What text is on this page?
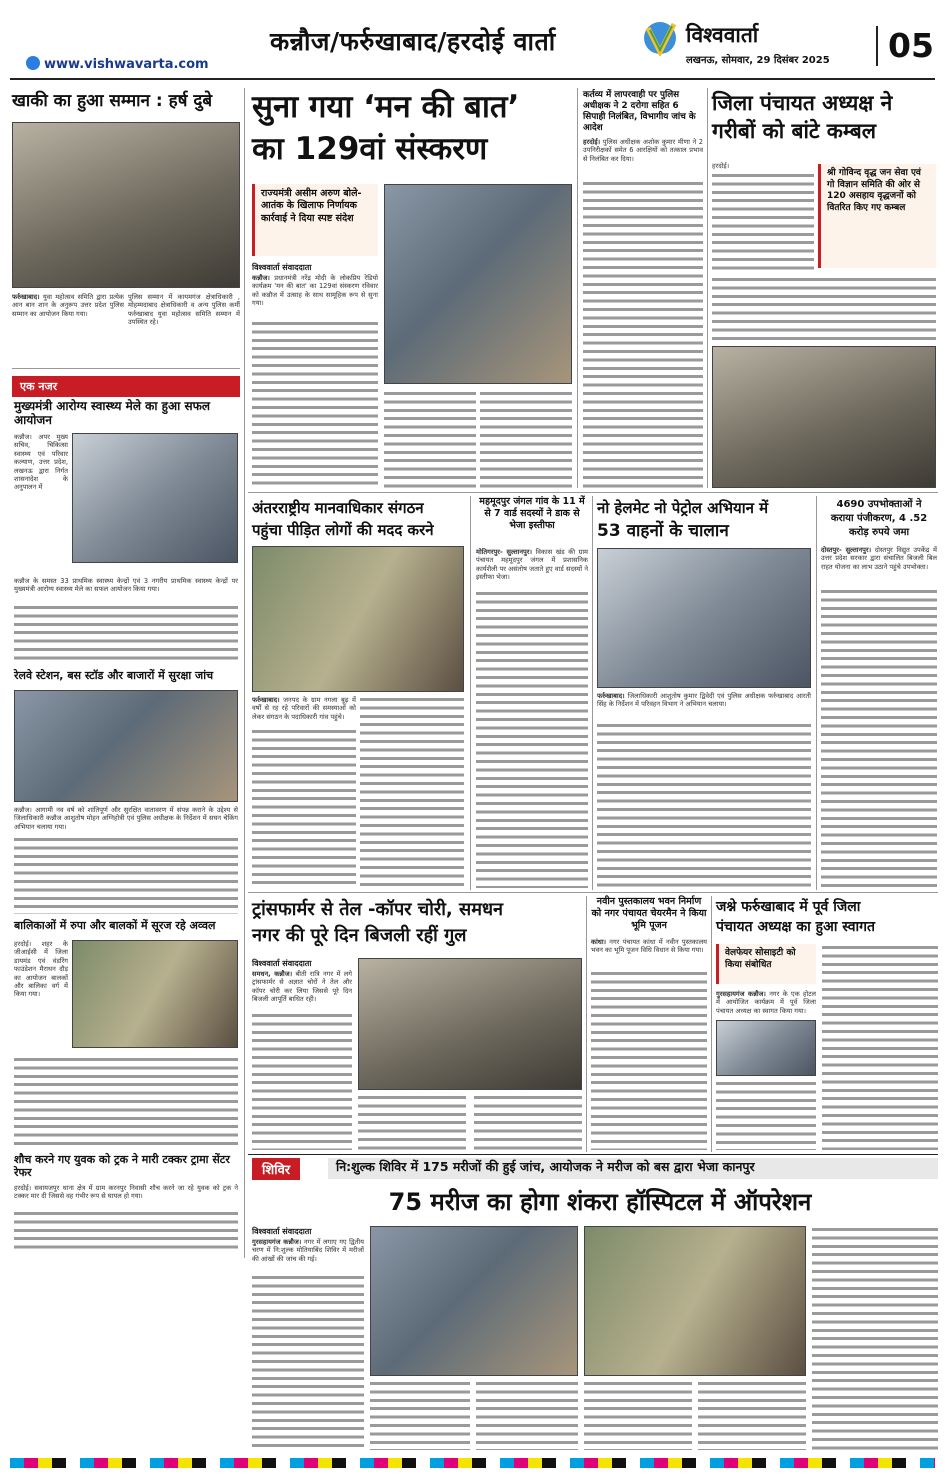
कन्नौज/फर्रुखाबाद/हरदोई वार्ता	विश्ववार्ता
लखनऊ, सोमवार, 29 दिसंबर 2025	05
www.vishwavarta.com
खाकी का हुआ सम्मान : हर्ष दुबे
फर्रुखाबाद। युवा महोत्सव समिति द्वारा प्रत्येक आन बान शान के अनुरूप उत्तर प्रदेश पुलिस सम्मान का आयोजन किया गया।
पुलिस सम्मान में कायमगंज क्षेत्राधिकारी , मोहम्मदाबाद क्षेत्राधिकारी व अन्य पुलिस कर्मी फर्रुखाबाद युवा महोत्सव समिति सम्मान में उपस्थित रहे।
एक नजर
मुख्यमंत्री आरोग्य स्वास्थ्य मेले का हुआ सफल आयोजन
कन्नौज। अपर मुख्य सचिव, चिकित्सा स्वास्थ्य एवं परिवार कल्याण, उत्तर प्रदेश, लखनऊ द्वारा निर्गत शासनादेश के अनुपालन में
कन्नौज के समस्त 33 प्राथमिक स्वास्थ्य केन्द्रों एवं 3 नगरीय प्राथमिक स्वास्थ्य केन्द्रों पर मुख्यमंत्री आरोग्य स्वास्थ्य मेले का सफल आयोजन किया गया।
रेलवे स्टेशन, बस स्टॉड और बाजारों में सुरक्षा जांच
कन्नौज। आगामी नव वर्ष को शांतिपूर्ण और सुरक्षित वातावरण में संपन्न कराने के उद्देश्य से जिलाधिकारी कन्नौज आशुतोष मोहन अग्निहोत्री एवं पुलिस अधीक्षक के निर्देशन में सघन चेकिंग अभियान चलाया गया।
बालिकाओं में रुपा और बालकों में सूरज रहे अव्वल
हरदोई। शहर के जीआईसी में जिला डायमंड एवं वंडरिंग फाउंडेशन मैराथन दौड़ का आयोजन बालकों और बालिका वर्ग में किया गया।
शौच करने गए युवक को ट्रक ने मारी टक्कर ट्रामा सेंटर रेफर
हरदोई। सवायजपुर थाना क्षेत्र में ग्राम करनपुर निवासी शौच करने जा रहे युवक को ट्रक ने टक्कर मार दी जिससे वह गंभीर रूप से घायल हो गया।
सुना गया ‘मन की बात’
का 129वां संस्करण
राज्यमंत्री असीम अरुण बोले- आतंक के खिलाफ निर्णायक कार्रवाई ने दिया स्पष्ट संदेश
विश्ववार्ता संवाददाता
कन्नौज। प्रधानमंत्री नरेंद्र मोदी के लोकप्रिय रेडियो कार्यक्रम 'मन की बात' का 129वां संस्करण रविवार को कन्नौज में उत्साह के साथ सामूहिक रूप से सुना गया।
कर्तव्य में लापरवाही पर पुलिस अधीक्षक ने 2 दरोगा सहित 6 सिपाही निलंबित, विभागीय जांच के आदेश
हरदोई। पुलिस अधीक्षक अशोक कुमार मीणा ने 2 उपनिरीक्षकों समेत 6 आरक्षियों को तत्काल प्रभाव से निलंबित कर दिया।
जिला पंचायत अध्यक्ष ने
गरीबों को बांटे कम्बल
हरदोई।
श्री गोविन्द वृद्ध जन सेवा एवं गो विज्ञान समिति की ओर से 120 असहाय वृद्धजनों को वितरित किए गए कम्बल
अंतरराष्ट्रीय मानवाधिकार संगठन
पहुंचा पीड़ित लोगों की मदद करने
फर्रुखाबाद। जनपद के ग्राम नगला बूढ़ में वर्षों से रह रहे परिवारों की समस्याओं को लेकर संगठन के पदाधिकारी गांव पहुंचे।
महमूदपुर जंगल गांव के 11 में से 7 वार्ड सदस्यों ने डाक से भेजा इस्तीफा
मोतिगरपुर- सुल्तानपुर। विकास खंड की ग्राम पंचायत महमूदपुर जंगल में प्रशासनिक कार्यशैली पर असंतोष जताते हुए वार्ड सदस्यों ने इस्तीफा भेजा।
नो हेलमेट नो पेट्रोल अभियान में
53 वाहनों के चालान
फर्रुखाबाद। जिलाधिकारी आशुतोष कुमार द्विवेदी एवं पुलिस अधीक्षक फर्रुखाबाद आरती सिंह के निर्देशन में परिवहन विभाग ने अभियान चलाया।
4690 उपभोक्ताओं ने
कराया पंजीकरण, 4 .52
करोड़ रुपये जमा
दोस्तपुर- सुल्तानपुर। दोस्तपुर विद्युत उपकेंद्र में उत्तर प्रदेश सरकार द्वारा संचालित बिजली बिल राहत योजना का लाभ उठाने पहुंचे उपभोक्ता।
ट्रांसफार्मर से तेल -कॉपर चोरी, समधन
नगर की पूरे दिन बिजली रहीं गुल
विश्ववार्ता संवाददाता
समधन, कन्नौज। बीती रात्रि नगर में लगे ट्रांसफार्मर से अज्ञात चोरों ने तेल और कॉपर चोरी कर लिया जिससे पूरे दिन बिजली आपूर्ति बाधित रही।
नवीन पुस्तकालय भवन निर्माण को नगर पंचायत चेयरमैन ने किया भूमि पूजन
कांधा। नगर पंचायत कांधा में नवीन पुस्तकालय भवन का भूमि पूजन विधि विधान से किया गया।
जश्ने फर्रुखाबाद में पूर्व जिला
पंचायत अध्यक्ष का हुआ स्वागत
वेलफेयर सोसाइटी को किया संबोधित
गुरसहायगंज कन्नौज। नगर के एक होटल में आयोजित कार्यक्रम में पूर्व जिला पंचायत अध्यक्ष का स्वागत किया गया।
शिविर	नि:शुल्क शिविर में 175 मरीजों की हुई जांच, आयोजक ने मरीज को बस द्वारा भेजा कानपुर
75 मरीज का होगा शंकरा हॉस्पिटल में ऑपरेशन
विश्ववार्ता संवाददाता
गुरसहायगंज कन्नौज। नगर में लगाए गए द्वितीय चरण में नि:शुल्क मोतियाबिंद शिविर में मरीजों की आंखों की जांच की गई।
